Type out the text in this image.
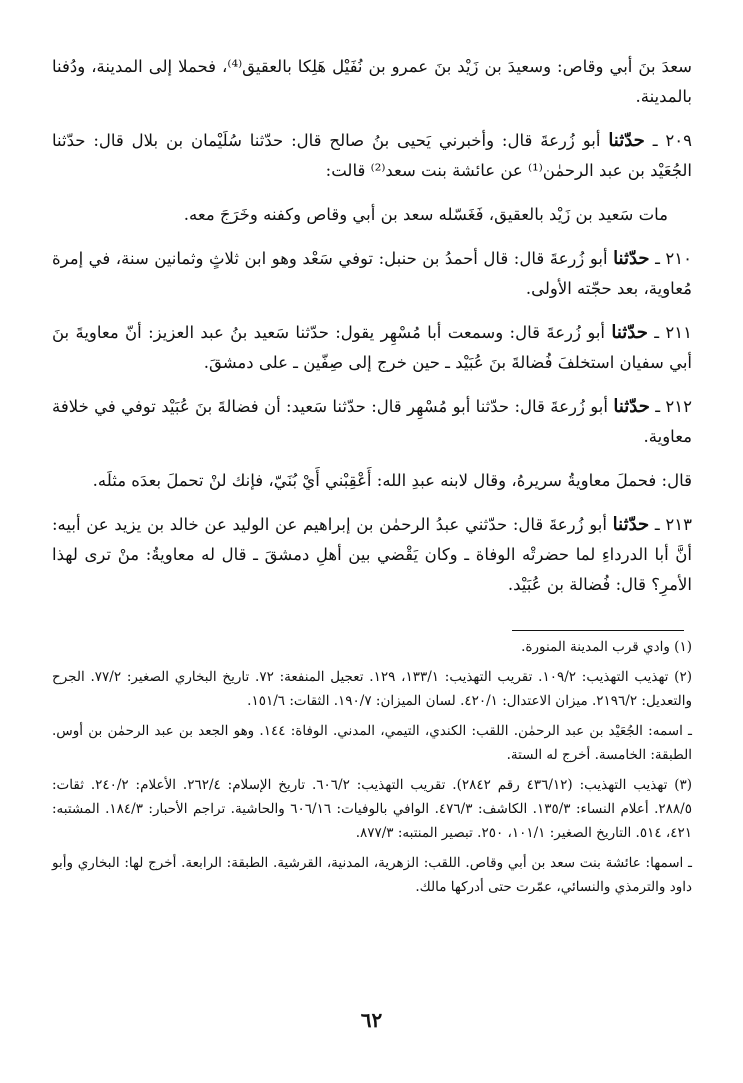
سعدَ بنَ أبي وقاص: وسعيدَ بن زَيْد بنَ عمرو بن نُفَيْل هَلِكا بالعقيق⁽⁴⁾، فحملا إلى المدينة، ودُفنا بالمدينة.

٢٠٩ ـ حدّثنا أبو زُرعةَ قال: وأخبرني يَحيى بنُ صالح قال: حدّثنا سُلَيْمان بن بلال قال: حدّثنا الجُعَيْد بن عبد الرحمٰن⁽¹⁾ عن عائشة بنت سعد⁽²⁾ قالت:

مات سَعيد بن زَيْد بالعقيق، فَغَسّله سعد بن أبي وقاص وكفنه وخَرَجَ معه.

٢١٠ ـ حدّثنا أبو زُرعةَ قال: قال أحمدُ بن حنبل: توفي سَعْد وهو ابن ثلاثٍ وثمانين سنة، في إمرة مُعاوية، بعد حجّته الأولى.

٢١١ ـ حدّثنا أبو زُرعةَ قال: وسمعت أبا مُسْهِر يقول: حدّثنا سَعيد بنُ عبد العزيز: أنّ معاويةَ بنَ أبي سفيان استخلفَ فُضالةَ بنَ عُبَيْد ـ حين خرج إلى صِفّين ـ على دمشقَ.

٢١٢ ـ حدّثنا أبو زُرعةَ قال: حدّثنا أبو مُسْهِر قال: حدّثنا سَعيد: أن فضالةَ بنَ عُبَيْد توفي في خلافة معاوية.

قال: فحملَ معاويةُ سريرهُ، وقال لابنه عبدِ الله: أَعْقِبْني أَيْ بُنَيّ، فإنك لنْ تحملَ بعدَه مثلَه.

٢١٣ ـ حدّثنا أبو زُرعةَ قال: حدّثني عبدُ الرحمٰن بن إبراهيم عن الوليد عن خالد بن يزيد عن أبيه: أنَّ أبا الدرداءِ لما حضرتْه الوفاة ـ وكان يَقْضي بين أهلِ دمشقَ ـ قال له معاويةُ: منْ ترى لهذا الأمرِ؟ قال: فُضالة بن عُبَيْد.

(١) وادي قرب المدينة المنورة.

(٢) تهذيب التهذيب: ١٠٩/٢. تقريب التهذيب: ١٣٣/١، ١٢٩. تعجيل المنفعة: ٧٢. تاريخ البخاري الصغير: ٧٧/٢. الجرح والتعديل: ٢١٩٦/٢. ميزان الاعتدال: ٤٢٠/١. لسان الميزان: ١٩٠/٧. الثقات: ١٥١/٦.

ـ اسمه: الجُعَيْد بن عبد الرحمٰن. اللقب: الكندي، التيمي، المدني. الوفاة: ١٤٤. وهو الجعد بن عبد الرحمٰن بن أوس. الطبقة: الخامسة. أخرج له الستة.

(٣) تهذيب التهذيب: (٤٣٦/١٢ رقم ٢٨٤٢). تقريب التهذيب: ٦٠٦/٢. تاريخ الإسلام: ٢٦٢/٤. الأعلام: ٢٤٠/٢. ثقات: ٢٨٨/٥. أعلام النساء: ١٣٥/٣. الكاشف: ٤٧٦/٣. الوافي بالوفيات: ٦٠٦/١٦ والحاشية. تراجم الأحبار: ١٨٤/٣. المشتبه: ٤٢١، ٥١٤. التاريخ الصغير: ١٠١/١، ٢٥٠. تبصير المنتبه: ٨٧٧/٣.

ـ اسمها: عائشة بنت سعد بن أبي وقاص. اللقب: الزهرية، المدنية، القرشية. الطبقة: الرابعة. أخرج لها: البخاري وأبو داود والترمذي والنسائي، عمّرت حتى أدركها مالك.

٦٢
